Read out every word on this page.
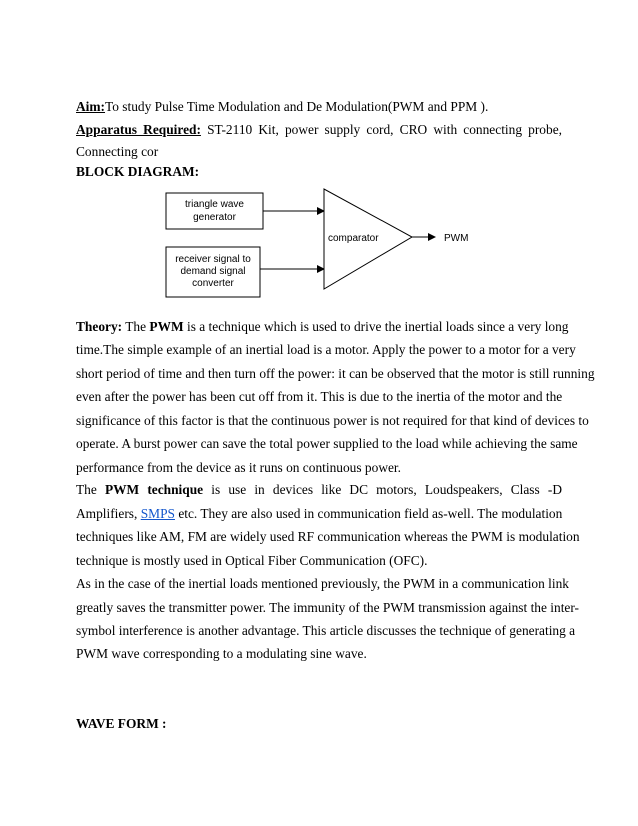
Aim:To study Pulse Time Modulation and De Modulation(PWM and PPM ).
Apparatus Required: ST-2110 Kit, power supply cord, CRO with connecting probe,
Connecting cor
BLOCK DIAGRAM:
triangle wave
generator
receiver signal to
demand signal
converter
comparator	PWM
Theory: The PWM is a technique which is used to drive the inertial loads since a very long
time.The simple example of an inertial load is a motor. Apply the power to a motor for a very
short period of time and then turn off the power: it can be observed that the motor is still running
even after the power has been cut off from it. This is due to the inertia of the motor and the
significance of this factor is that the continuous power is not required for that kind of devices to
operate. A burst power can save the total power supplied to the load while achieving the same
performance from the device as it runs on continuous power.
The PWM technique is use in devices like DC motors, Loudspeakers, Class -D
Amplifiers, SMPS etc. They are also used in communication field as-well. The modulation
techniques like AM, FM are widely used RF communication whereas the PWM is modulation
technique is mostly used in Optical Fiber Communication (OFC).
As in the case of the inertial loads mentioned previously, the PWM in a communication link
greatly saves the transmitter power. The immunity of the PWM transmission against the inter-
symbol interference is another advantage. This article discusses the technique of generating a
PWM wave corresponding to a modulating sine wave.
WAVE FORM :
